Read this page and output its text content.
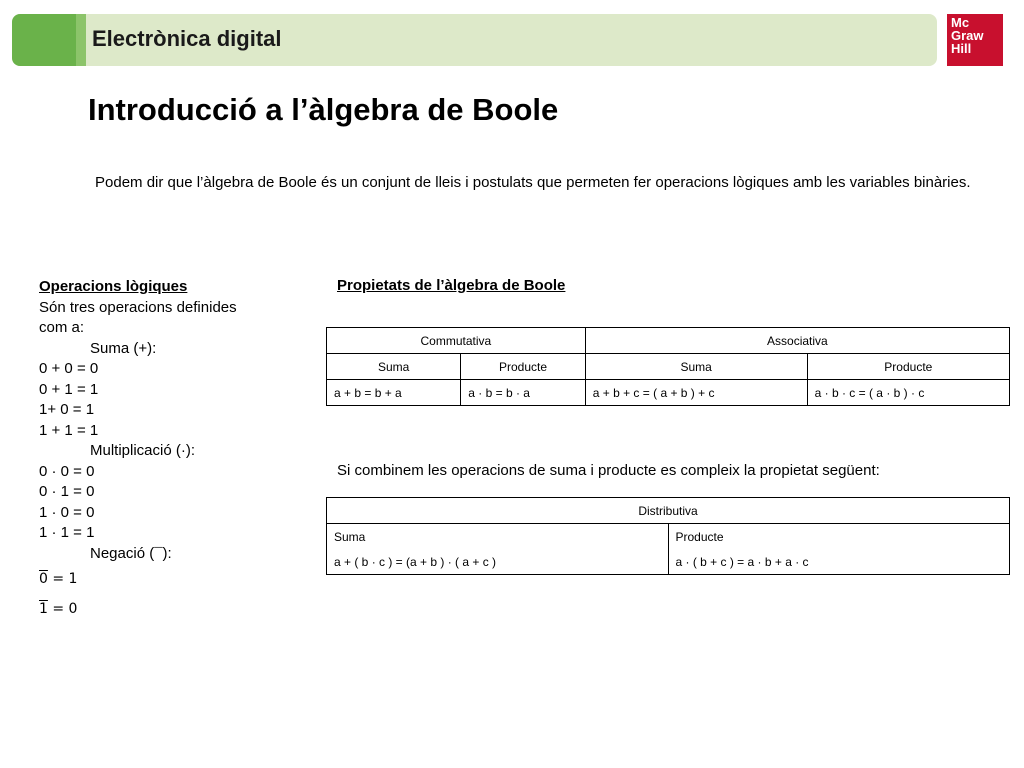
Electrònica digital
Mc
Graw
Hill
Introducció a l’àlgebra de Boole
Podem dir que l’àlgebra de Boole és un conjunt de lleis i postulats que permeten fer operacions lògiques amb les variables binàries.
Operacions lògiques
Són tres operacions definides
com a:
Suma (+):
0 + 0 = 0
0 + 1 = 1
1+ 0 = 1
1 + 1 = 1
Multiplicació (·):
0 · 0 = 0
0 · 1 = 0
1 · 0 = 0
1 · 1 = 1
Negació (¯):
0 = 1
1 = 0
Propietats de l’àlgebra de Boole
Commutativa		Associativa	
Suma	Producte	Suma	Producte
a + b = b + a	a · b = b · a	a + b + c = ( a + b ) + c	a · b · c = ( a · b ) · c
Si combinem les operacions de suma i producte es compleix la propietat següent:
Distributiva	
Suma	Producte
a + ( b · c ) = (a + b ) · ( a + c )	a · ( b + c ) = a · b + a · c
